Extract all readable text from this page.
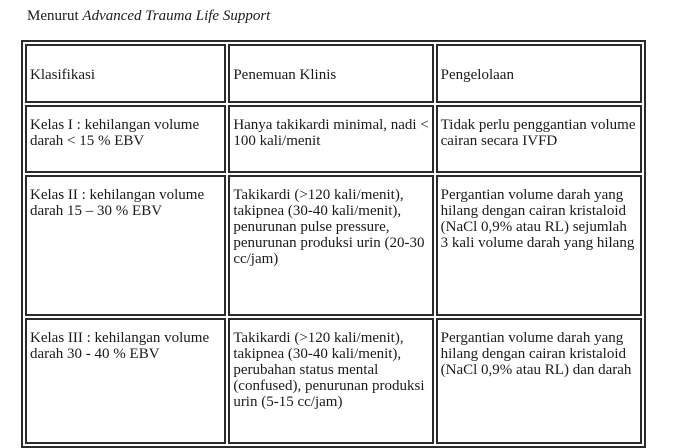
Menurut Advanced Trauma Life Support
Klasifikasi	Penemuan Klinis	Pengelolaan
Kelas I : kehilangan volume darah < 15 % EBV	Hanya takikardi minimal, nadi < 100 kali/menit	Tidak perlu penggantian volume cairan secara IVFD
Kelas II : kehilangan volume darah 15 – 30 % EBV	Takikardi (>120 kali/menit), takipnea (30-40 kali/menit), penurunan pulse pressure, penurunan produksi urin (20-30 cc/jam)	Pergantian volume darah yang hilang dengan cairan kristaloid (NaCl 0,9% atau RL) sejumlah 3 kali volume darah yang hilang
Kelas III : kehilangan volume darah 30 - 40 % EBV	Takikardi (>120 kali/menit), takipnea (30-40 kali/menit), perubahan status mental (confused), penurunan produksi urin (5-15 cc/jam)	Pergantian volume darah yang hilang dengan cairan kristaloid (NaCl 0,9% atau RL) dan darah
